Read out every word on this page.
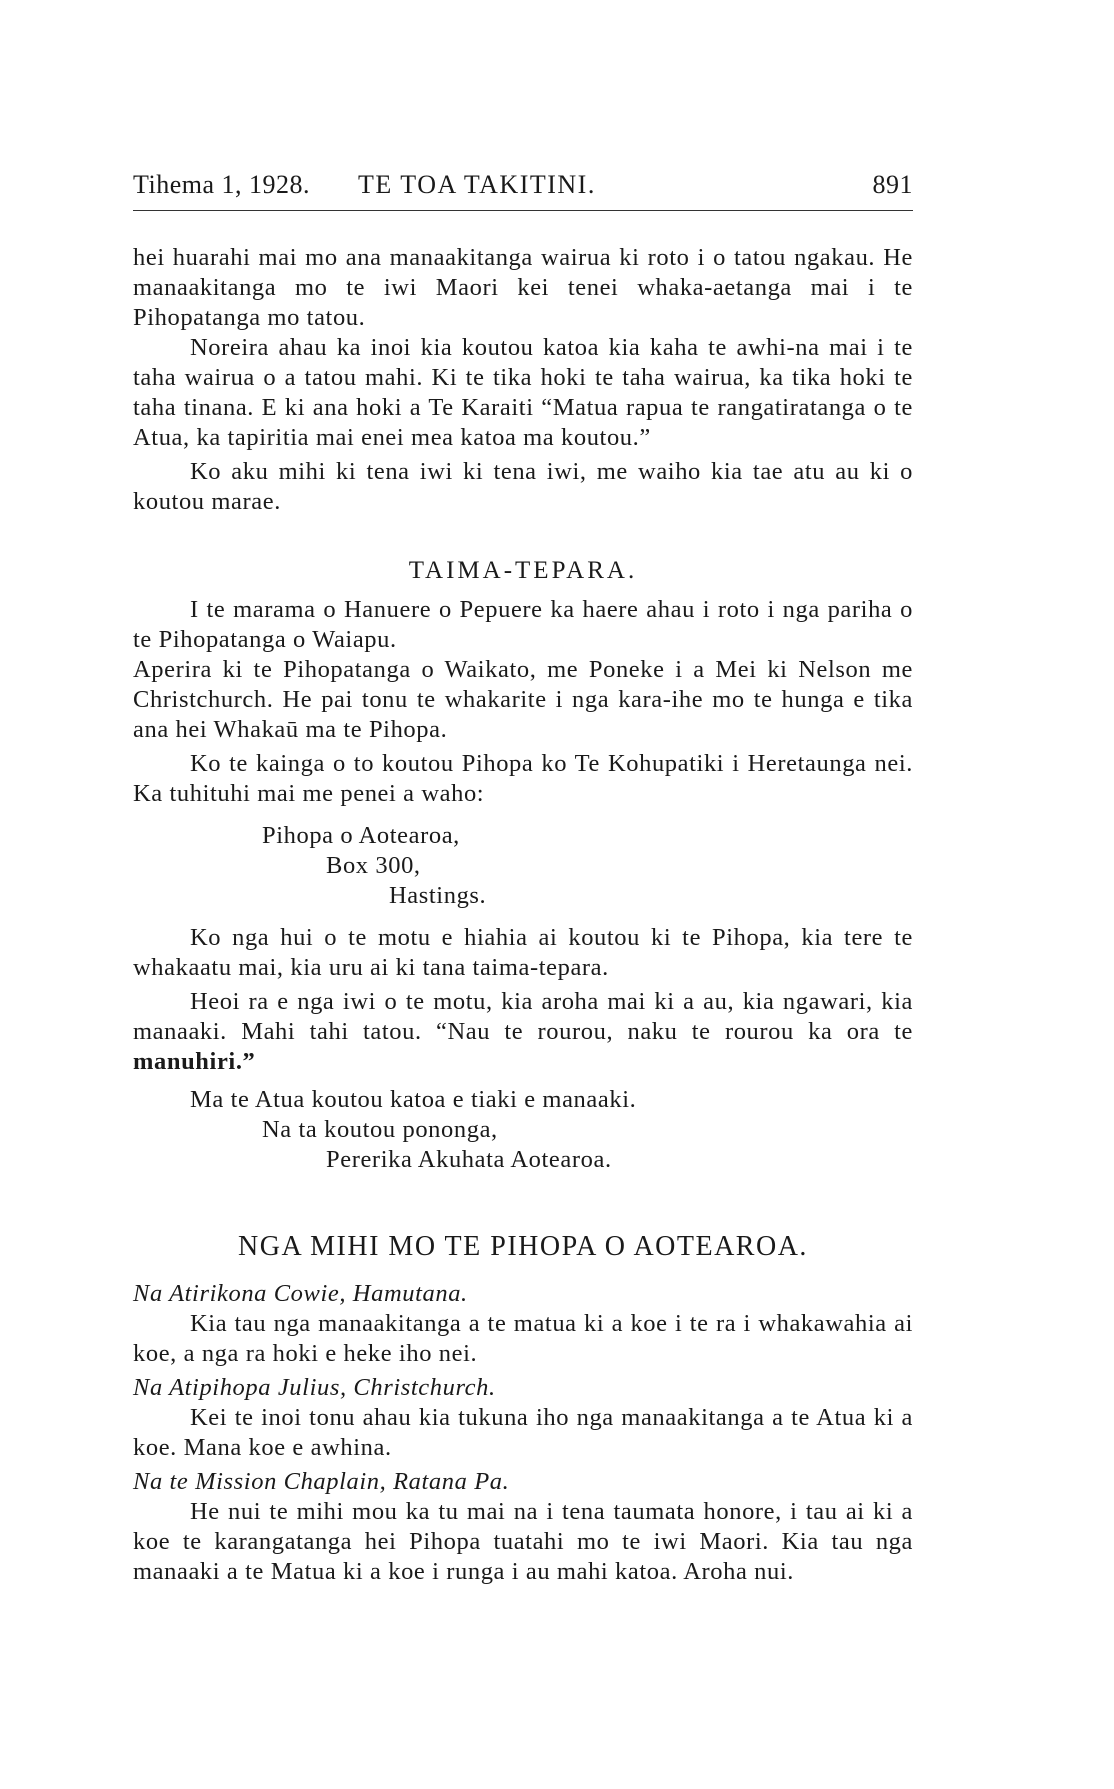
Tihema 1, 1928. TE TOA TAKITINI.	891

hei huarahi mai mo ana manaakitanga wairua ki roto i o tatou ngakau. He manaakitanga mo te iwi Maori kei tenei whaka-aetanga mai i te Pihopatanga mo tatou.

Noreira ahau ka inoi kia koutou katoa kia kaha te awhi-na mai i te taha wairua o a tatou mahi. Ki te tika hoki te taha wairua, ka tika hoki te taha tinana. E ki ana hoki a Te Karaiti “Matua rapua te rangatiratanga o te Atua, ka tapiritia mai enei mea katoa ma koutou.”

Ko aku mihi ki tena iwi ki tena iwi, me waiho kia tae atu au ki o koutou marae.

TAIMA-TEPARA.

I te marama o Hanuere o Pepuere ka haere ahau i roto i nga pariha o te Pihopatanga o Waiapu.

Aperira ki te Pihopatanga o Waikato, me Poneke i a Mei ki Nelson me Christchurch. He pai tonu te whakarite i nga kara-ihe mo te hunga e tika ana hei Whakaū ma te Pihopa.

Ko te kainga o to koutou Pihopa ko Te Kohupatiki i Heretaunga nei. Ka tuhituhi mai me penei a waho:

Pihopa o Aotearoa,

Box 300,

Hastings.

Ko nga hui o te motu e hiahia ai koutou ki te Pihopa, kia tere te whakaatu mai, kia uru ai ki tana taima-tepara.

Heoi ra e nga iwi o te motu, kia aroha mai ki a au, kia ngawari, kia manaaki. Mahi tahi tatou. “Nau te rourou, naku te rourou ka ora te manuhiri.”

Ma te Atua koutou katoa e tiaki e manaaki.

Na ta koutou pononga,

Pererika Akuhata Aotearoa.

NGA MIHI MO TE PIHOPA O AOTEAROA.

Na Atirikona Cowie, Hamutana.

Kia tau nga manaakitanga a te matua ki a koe i te ra i whakawahia ai koe, a nga ra hoki e heke iho nei.

Na Atipihopa Julius, Christchurch.

Kei te inoi tonu ahau kia tukuna iho nga manaakitanga a te Atua ki a koe. Mana koe e awhina.

Na te Mission Chaplain, Ratana Pa.

He nui te mihi mou ka tu mai na i tena taumata honore, i tau ai ki a koe te karangatanga hei Pihopa tuatahi mo te iwi Maori. Kia tau nga manaaki a te Matua ki a koe i runga i au mahi katoa. Aroha nui.
